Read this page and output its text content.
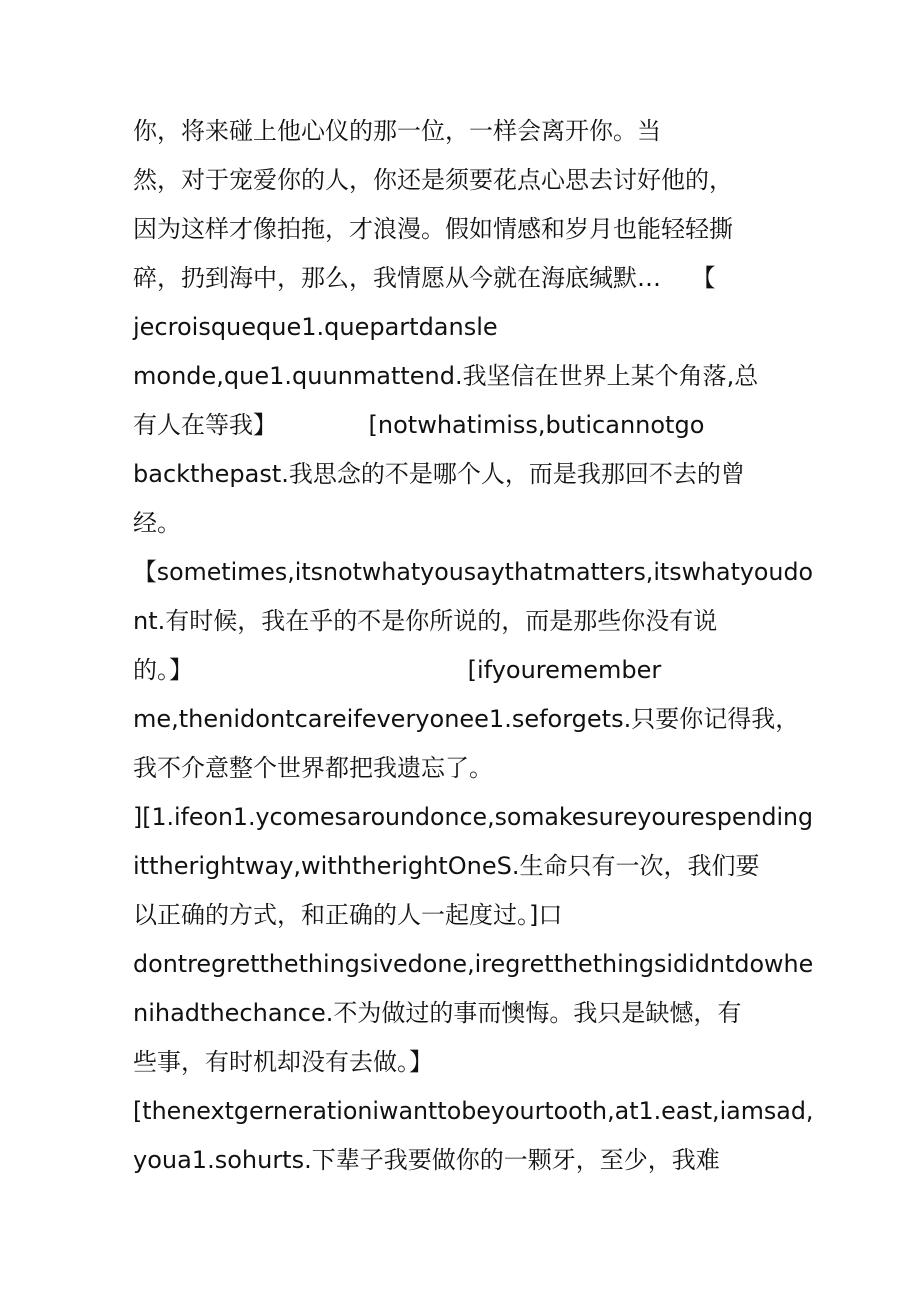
你，将来碰上他心仪的那一位，一样会离开你。当
然，对于宠爱你的人，你还是须要花点心思去讨好他的，
因为这样才像拍拖，才浪漫。假如情感和岁月也能轻轻撕
碎，扔到海中，那么，我情愿从今就在海底缄默…    【
jecroisqueque1.quepartdansle
monde,que1.quunmattend.我坚信在世界上某个角落,总
有人在等我】            [notwhatimiss,buticannotgo
backthepast.我思念的不是哪个人，而是我那回不去的曾
经。
【sometimes,itsnotwhatyousaythatmatters,itswhatyoudo
nt.有时候，我在乎的不是你所说的，而是那些你没有说
的。】                                    [ifyouremember
me,thenidontcareifeveryonee1.seforgets.只要你记得我，
我不介意整个世界都把我遗忘了。
][1.ifeon1.ycomesaroundonce,somakesureyourespending
ittherightway,withtherightOneS.生命只有一次，我们要
以正确的方式，和正确的人一起度过。]口
dontregretthethingsivedone,iregretthethingsididntdowhe
nihadthechance.不为做过的事而懊悔。我只是缺憾，有
些事，有时机却没有去做。】
[thenextgernerationiwanttobeyourtooth,at1.east,iamsad,
youa1.sohurts.下辈子我要做你的一颗牙，至少，我难
